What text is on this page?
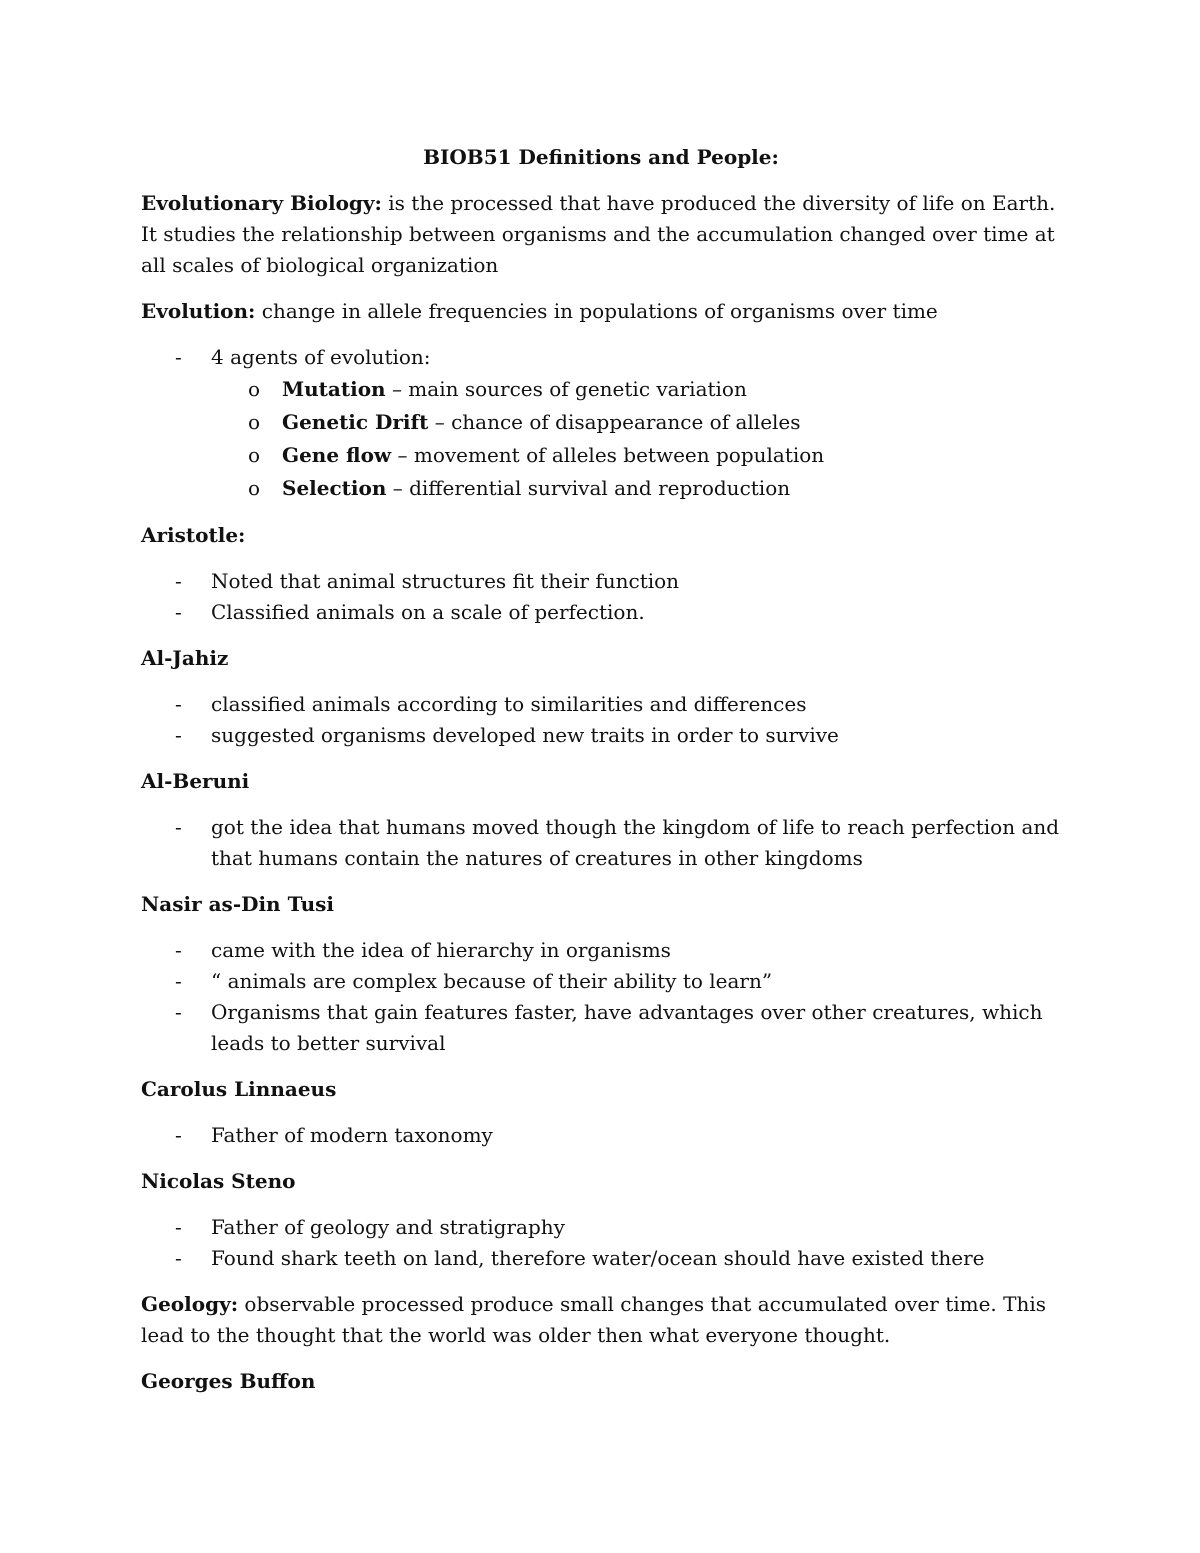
BIOB51 Definitions and People:

Evolutionary Biology: is the processed that have produced the diversity of life on Earth. It studies the relationship between organisms and the accumulation changed over time at all scales of biological organization

Evolution: change in allele frequencies in populations of organisms over time

- 4 agents of evolution:
o Mutation – main sources of genetic variation
o Genetic Drift – chance of disappearance of alleles
o Gene flow – movement of alleles between population
o Selection – differential survival and reproduction
Aristotle:
- Noted that animal structures fit their function
- Classified animals on a scale of perfection.
Al-Jahiz
- classified animals according to similarities and differences
- suggested organisms developed new traits in order to survive
Al-Beruni
- got the idea that humans moved though the kingdom of life to reach perfection and that humans contain the natures of creatures in other kingdoms
Nasir as-Din Tusi
- came with the idea of hierarchy in organisms
- “ animals are complex because of their ability to learn”
- Organisms that gain features faster, have advantages over other creatures, which leads to better survival
Carolus Linnaeus
- Father of modern taxonomy
Nicolas Steno
- Father of geology and stratigraphy
- Found shark teeth on land, therefore water/ocean should have existed there

Geology: observable processed produce small changes that accumulated over time. This lead to the thought that the world was older then what everyone thought.

Georges Buffon
